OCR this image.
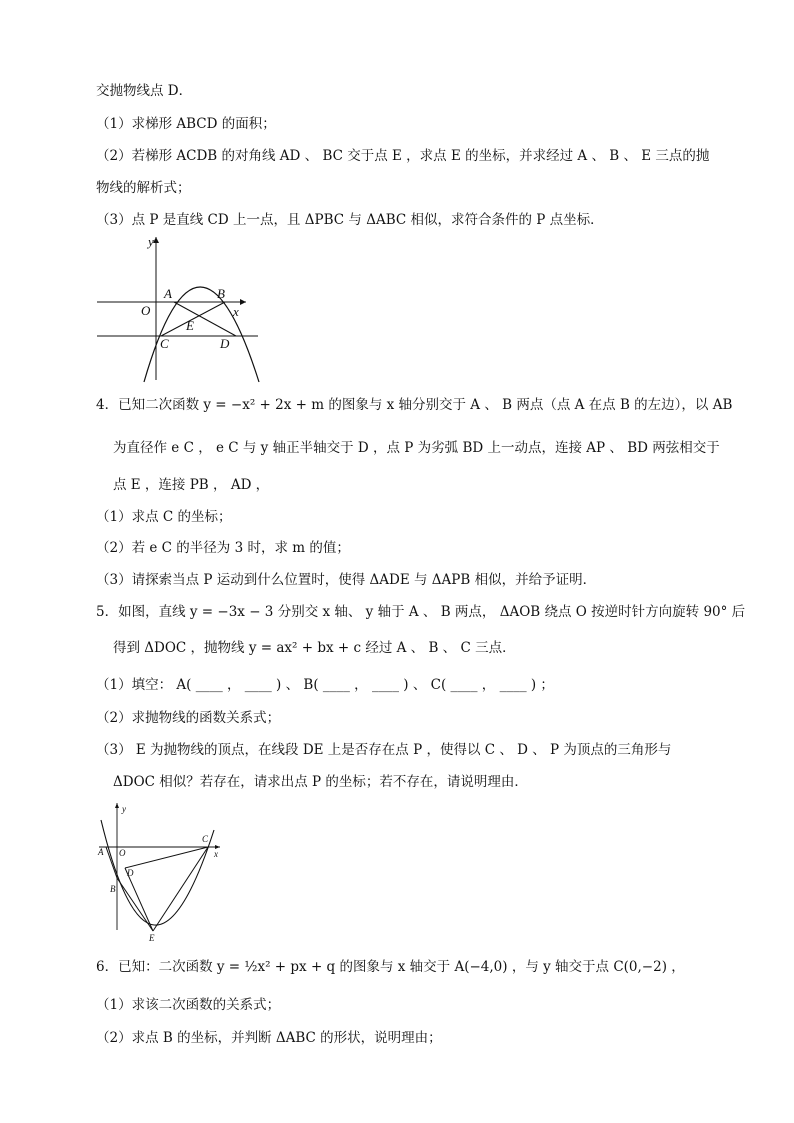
交抛物线点 D．
（1）求梯形 ABCD 的面积；
（2）若梯形 ACDB 的对角线 AD 、 BC 交于点 E ，求点 E 的坐标，并求经过 A 、 B 、 E 三点的抛
物线的解析式；
（3）点 P 是直线 CD 上一点，且 ΔPBC 与 ΔABC 相似，求符合条件的 P 点坐标．
y
x
O
A	B
C	D
E
4．已知二次函数 y = −x² + 2x + m 的图象与 x 轴分别交于 A 、 B 两点（点 A 在点 B 的左边），以 AB
为直径作 e C ， e C 与 y 轴正半轴交于 D ，点 P 为劣弧 BD 上一动点，连接 AP 、 BD 两弦相交于
点 E ，连接 PB ， AD ，
（1）求点 C 的坐标；
（2）若 e C 的半径为 3 时，求 m 的值；
（3）请探索当点 P 运动到什么位置时，使得 ΔADE 与 ΔAPB 相似，并给予证明．
5．如图，直线 y = −3x − 3 分别交 x 轴、 y 轴于 A 、 B 两点， ΔAOB 绕点 O 按逆时针方向旋转 90° 后
得到 ΔDOC ，抛物线 y = ax² + bx + c 经过 A 、 B 、 C 三点．
（1）填空： A( ____ ， ____ ) 、 B( ____ ， ____ ) 、 C( ____ ， ____ ) ；
（2）求抛物线的函数关系式；
（3） E 为抛物线的顶点，在线段 DE 上是否存在点 P ，使得以 C 、 D 、 P 为顶点的三角形与
ΔDOC 相似？若存在，请求出点 P 的坐标；若不存在，请说明理由．
y
x
O
A
B
C
D
E
6．已知：二次函数 y = ½x² + px + q 的图象与 x 轴交于 A(−4,0) ，与 y 轴交于点 C(0,−2) ，
（1）求该二次函数的关系式；
（2）求点 B 的坐标，并判断 ΔABC 的形状，说明理由；
